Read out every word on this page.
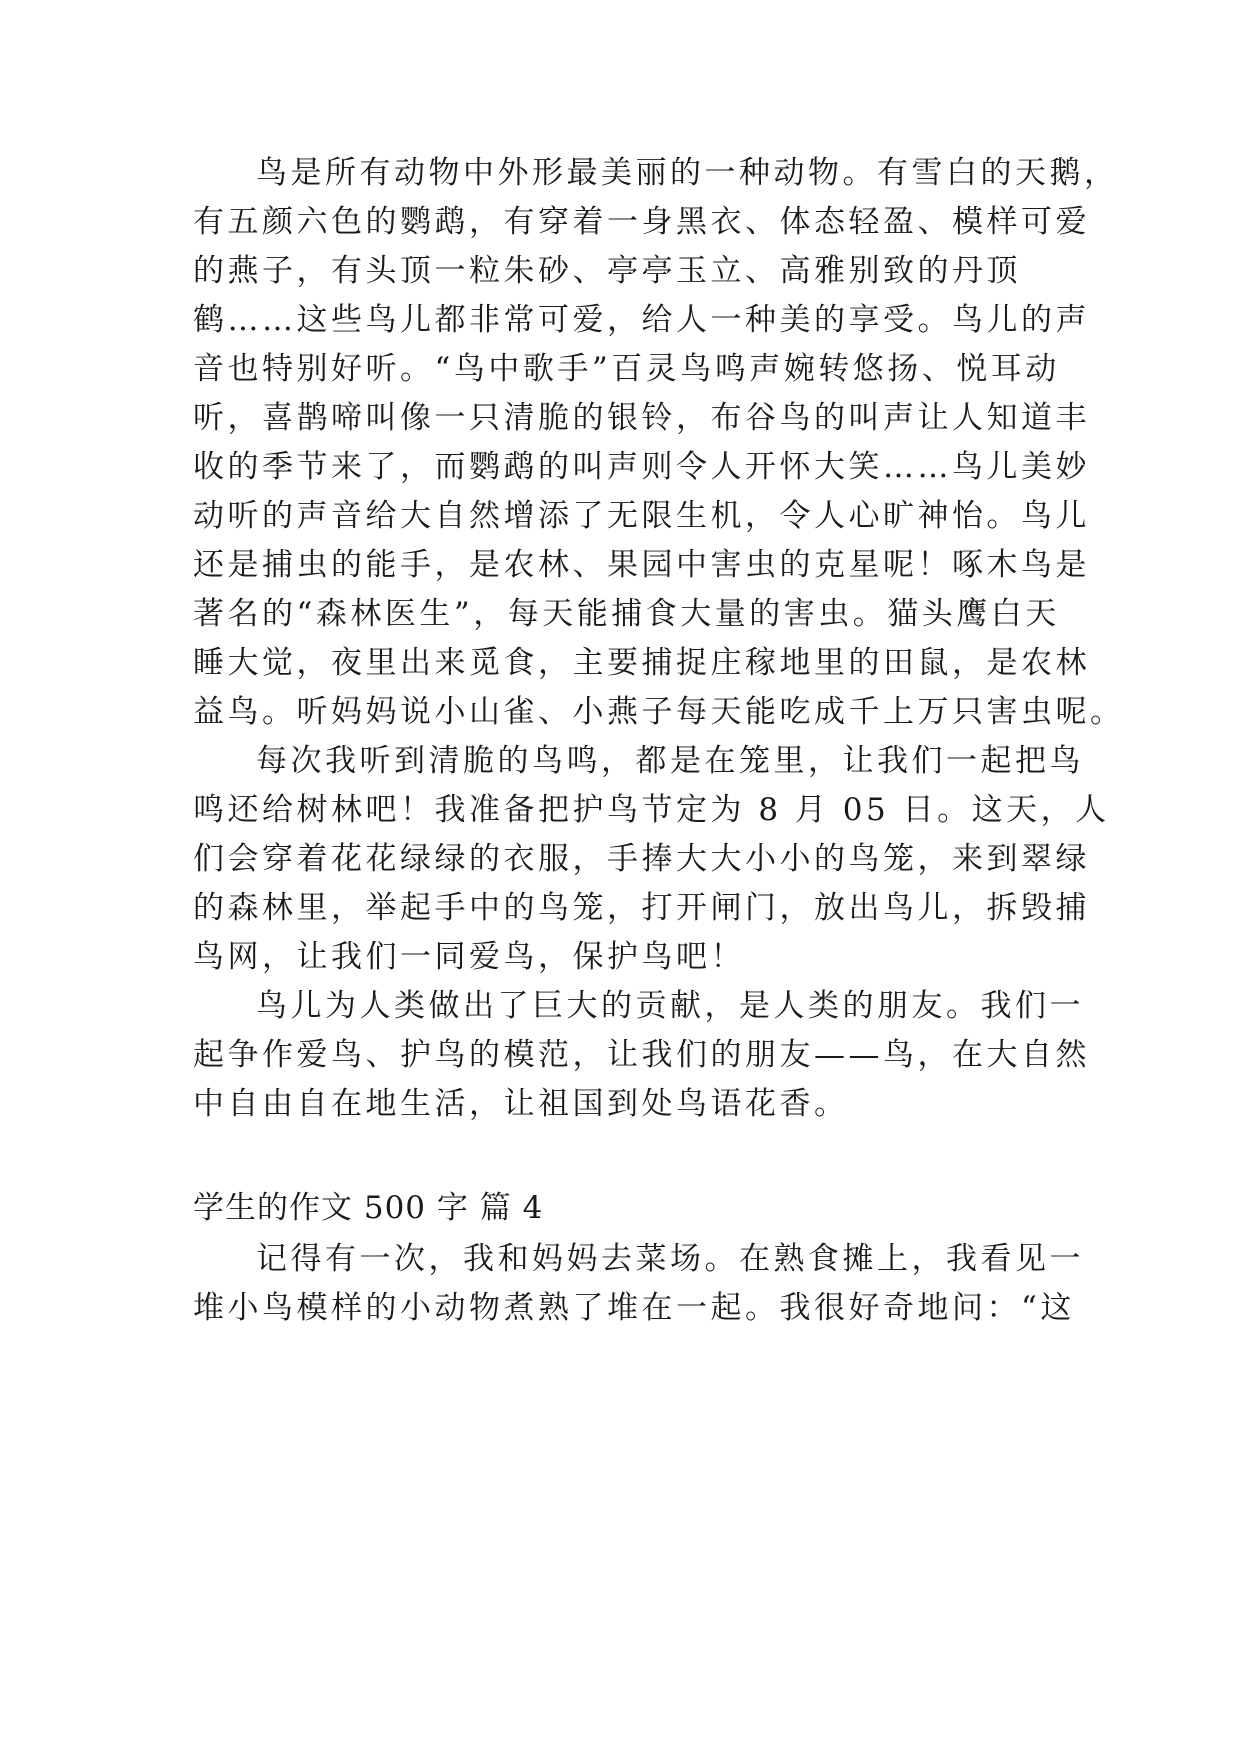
鸟是所有动物中外形最美丽的一种动物。有雪白的天鹅，
有五颜六色的鹦鹉，有穿着一身黑衣、体态轻盈、模样可爱
的燕子，有头顶一粒朱砂、亭亭玉立、高雅别致的丹顶
鹤……这些鸟儿都非常可爱，给人一种美的享受。鸟儿的声
音也特别好听。“鸟中歌手”百灵鸟鸣声婉转悠扬、悦耳动
听，喜鹊啼叫像一只清脆的银铃，布谷鸟的叫声让人知道丰
收的季节来了，而鹦鹉的叫声则令人开怀大笑……鸟儿美妙
动听的声音给大自然增添了无限生机，令人心旷神怡。鸟儿
还是捕虫的能手，是农林、果园中害虫的克星呢！啄木鸟是
著名的“森林医生”，每天能捕食大量的害虫。猫头鹰白天
睡大觉，夜里出来觅食，主要捕捉庄稼地里的田鼠，是农林
益鸟。听妈妈说小山雀、小燕子每天能吃成千上万只害虫呢。
每次我听到清脆的鸟鸣，都是在笼里，让我们一起把鸟
鸣还给树林吧！我准备把护鸟节定为 8 月 05 日。这天，人
们会穿着花花绿绿的衣服，手捧大大小小的鸟笼，来到翠绿
的森林里，举起手中的鸟笼，打开闸门，放出鸟儿，拆毁捕
鸟网，让我们一同爱鸟，保护鸟吧！
鸟儿为人类做出了巨大的贡献，是人类的朋友。我们一
起争作爱鸟、护鸟的模范，让我们的朋友——鸟，在大自然
中自由自在地生活，让祖国到处鸟语花香。
学生的作文 500 字 篇 4
记得有一次，我和妈妈去菜场。在熟食摊上，我看见一
堆小鸟模样的小动物煮熟了堆在一起。我很好奇地问：“这
